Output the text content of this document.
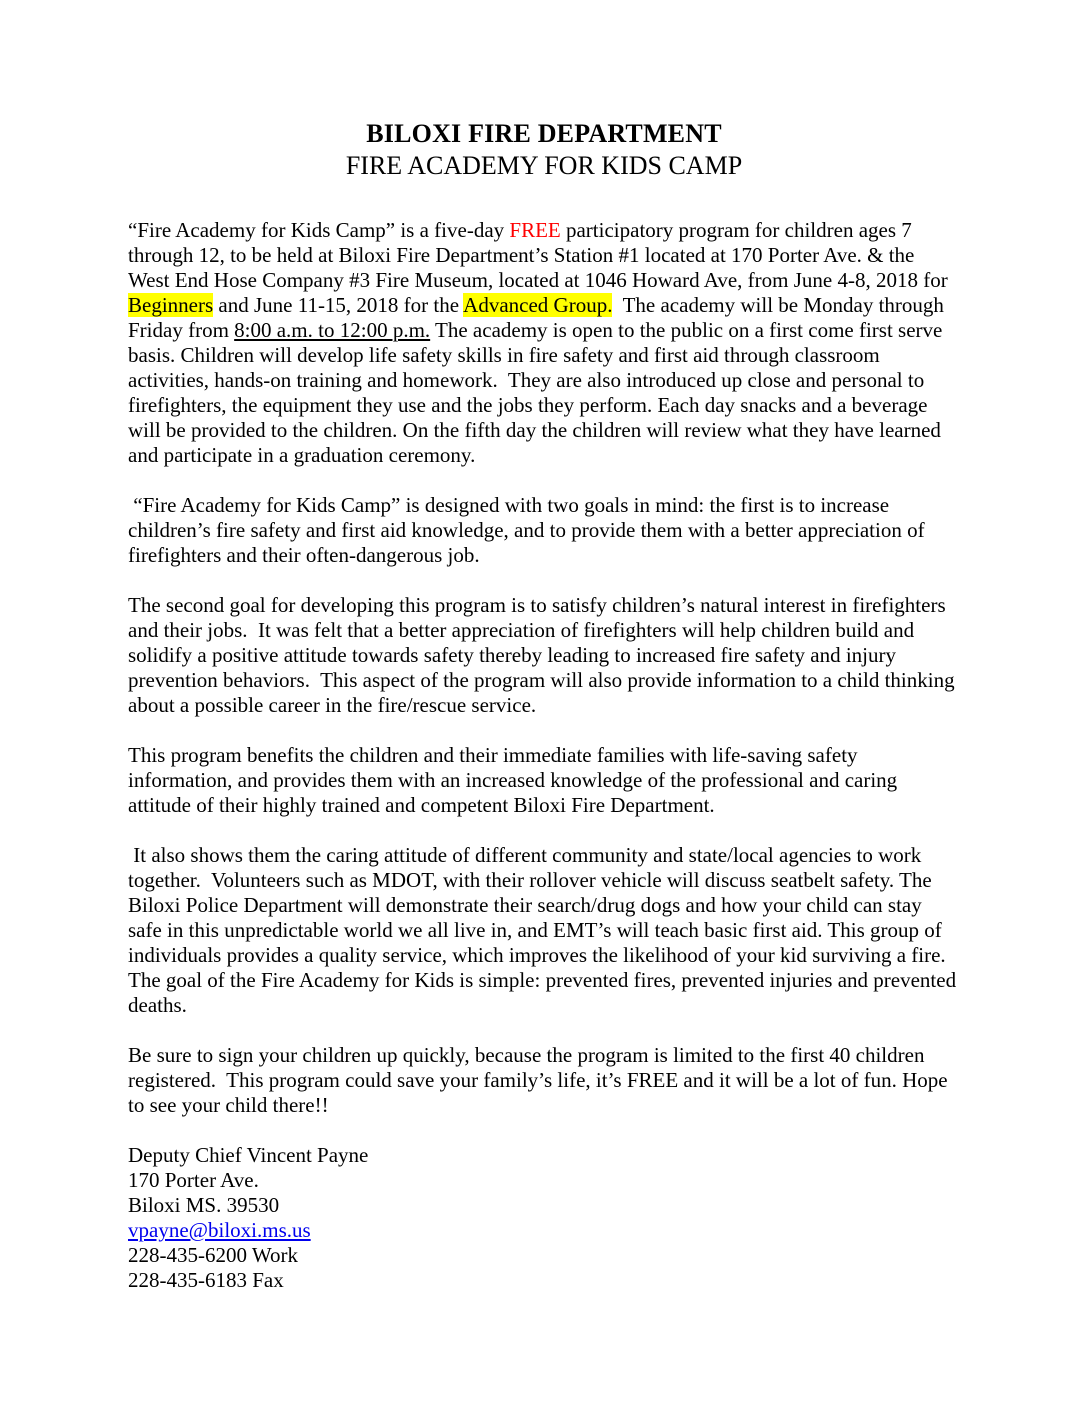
BILOXI FIRE DEPARTMENT
FIRE ACADEMY FOR KIDS CAMP

“Fire Academy for Kids Camp” is a five-day FREE participatory program for children ages 7 through 12, to be held at Biloxi Fire Department’s Station #1 located at 170 Porter Ave. & the West End Hose Company #3 Fire Museum, located at 1046 Howard Ave, from June 4-8, 2018 for Beginners and June 11-15, 2018 for the Advanced Group.  The academy will be Monday through Friday from 8:00 a.m. to 12:00 p.m. The academy is open to the public on a first come first serve basis. Children will develop life safety skills in fire safety and first aid through classroom activities, hands-on training and homework.  They are also introduced up close and personal to firefighters, the equipment they use and the jobs they perform. Each day snacks and a beverage will be provided to the children. On the fifth day the children will review what they have learned and participate in a graduation ceremony.

“Fire Academy for Kids Camp” is designed with two goals in mind: the first is to increase children’s fire safety and first aid knowledge, and to provide them with a better appreciation of firefighters and their often-dangerous job.

The second goal for developing this program is to satisfy children’s natural interest in firefighters and their jobs.  It was felt that a better appreciation of firefighters will help children build and solidify a positive attitude towards safety thereby leading to increased fire safety and injury prevention behaviors.  This aspect of the program will also provide information to a child thinking about a possible career in the fire/rescue service.

This program benefits the children and their immediate families with life-saving safety information, and provides them with an increased knowledge of the professional and caring attitude of their highly trained and competent Biloxi Fire Department.

It also shows them the caring attitude of different community and state/local agencies to work together.  Volunteers such as MDOT, with their rollover vehicle will discuss seatbelt safety. The Biloxi Police Department will demonstrate their search/drug dogs and how your child can stay safe in this unpredictable world we all live in, and EMT’s will teach basic first aid. This group of individuals provides a quality service, which improves the likelihood of your kid surviving a fire. The goal of the Fire Academy for Kids is simple: prevented fires, prevented injuries and prevented deaths.

Be sure to sign your children up quickly, because the program is limited to the first 40 children registered.  This program could save your family’s life, it’s FREE and it will be a lot of fun. Hope to see your child there!!

Deputy Chief Vincent Payne
170 Porter Ave.
Biloxi MS. 39530
vpayne@biloxi.ms.us
228-435-6200 Work
228-435-6183 Fax
